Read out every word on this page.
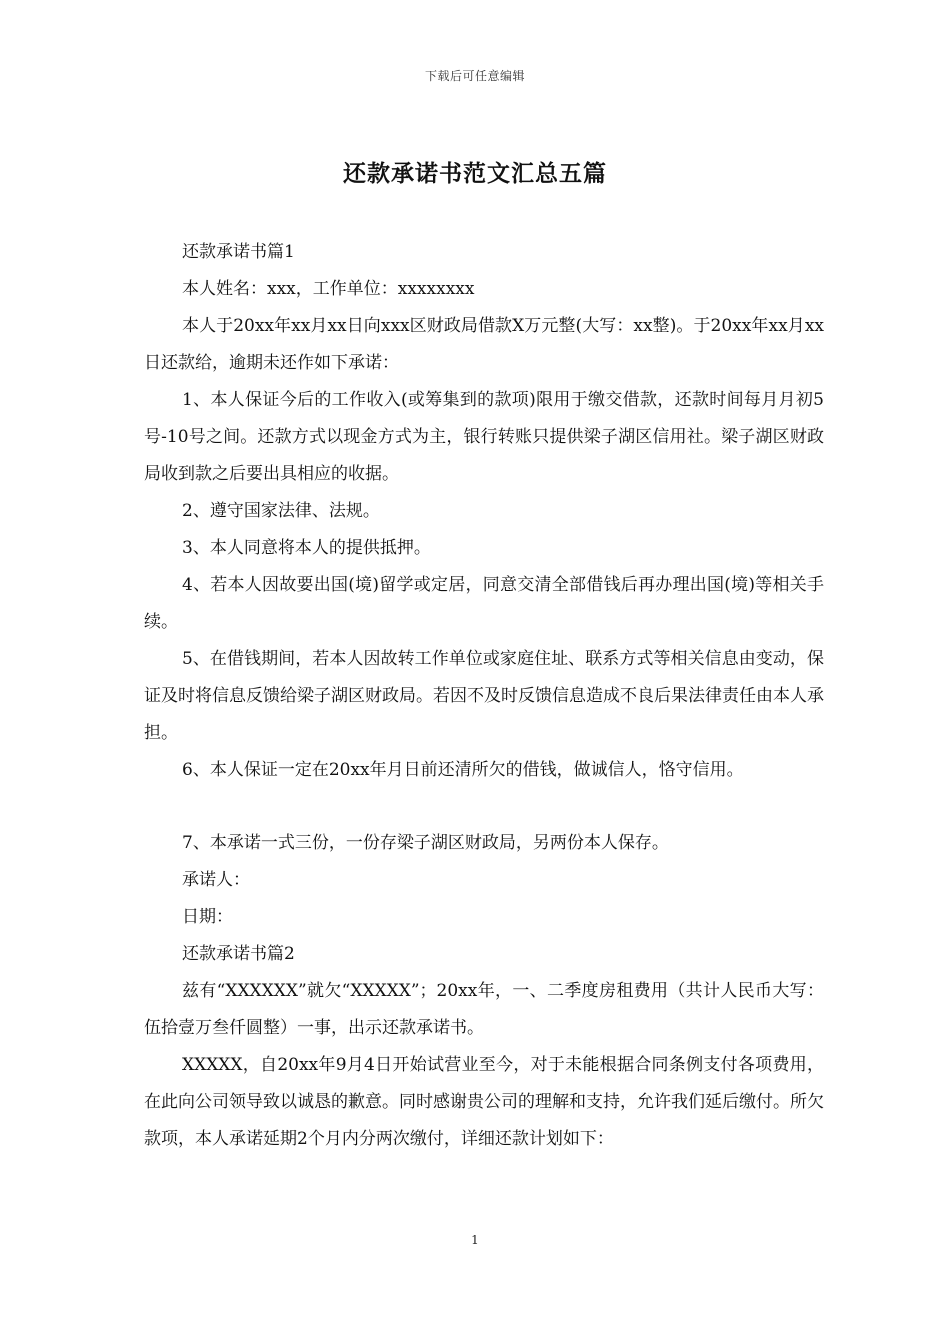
下载后可任意编辑
还款承诺书范文汇总五篇

还款承诺书篇1

本人姓名：xxx，工作单位：xxxxxxxx

本人于20xx年xx月xx日向xxx区财政局借款X万元整(大写：xx整)。于20xx年xx月xx日还款给，逾期未还作如下承诺：

1、本人保证今后的工作收入(或筹集到的款项)限用于缴交借款，还款时间每月月初5号-10号之间。还款方式以现金方式为主，银行转账只提供梁子湖区信用社。梁子湖区财政局收到款之后要出具相应的收据。

2、遵守国家法律、法规。

3、本人同意将本人的提供抵押。

4、若本人因故要出国(境)留学或定居，同意交清全部借钱后再办理出国(境)等相关手续。

5、在借钱期间，若本人因故转工作单位或家庭住址、联系方式等相关信息由变动，保证及时将信息反馈给梁子湖区财政局。若因不及时反馈信息造成不良后果法律责任由本人承担。

6、本人保证一定在20xx年月日前还清所欠的借钱，做诚信人，恪守信用。

7、本承诺一式三份，一份存梁子湖区财政局，另两份本人保存。

承诺人：

日期：

还款承诺书篇2

兹有“XXXXXX”就欠“XXXXX”；20xx年，一、二季度房租费用（共计人民币大写：伍拾壹万叁仟圆整）一事，出示还款承诺书。

XXXXX，自20xx年9月4日开始试营业至今，对于未能根据合同条例支付各项费用，在此向公司领导致以诚恳的歉意。同时感谢贵公司的理解和支持，允许我们延后缴付。所欠款项，本人承诺延期2个月内分两次缴付，详细还款计划如下：

1
